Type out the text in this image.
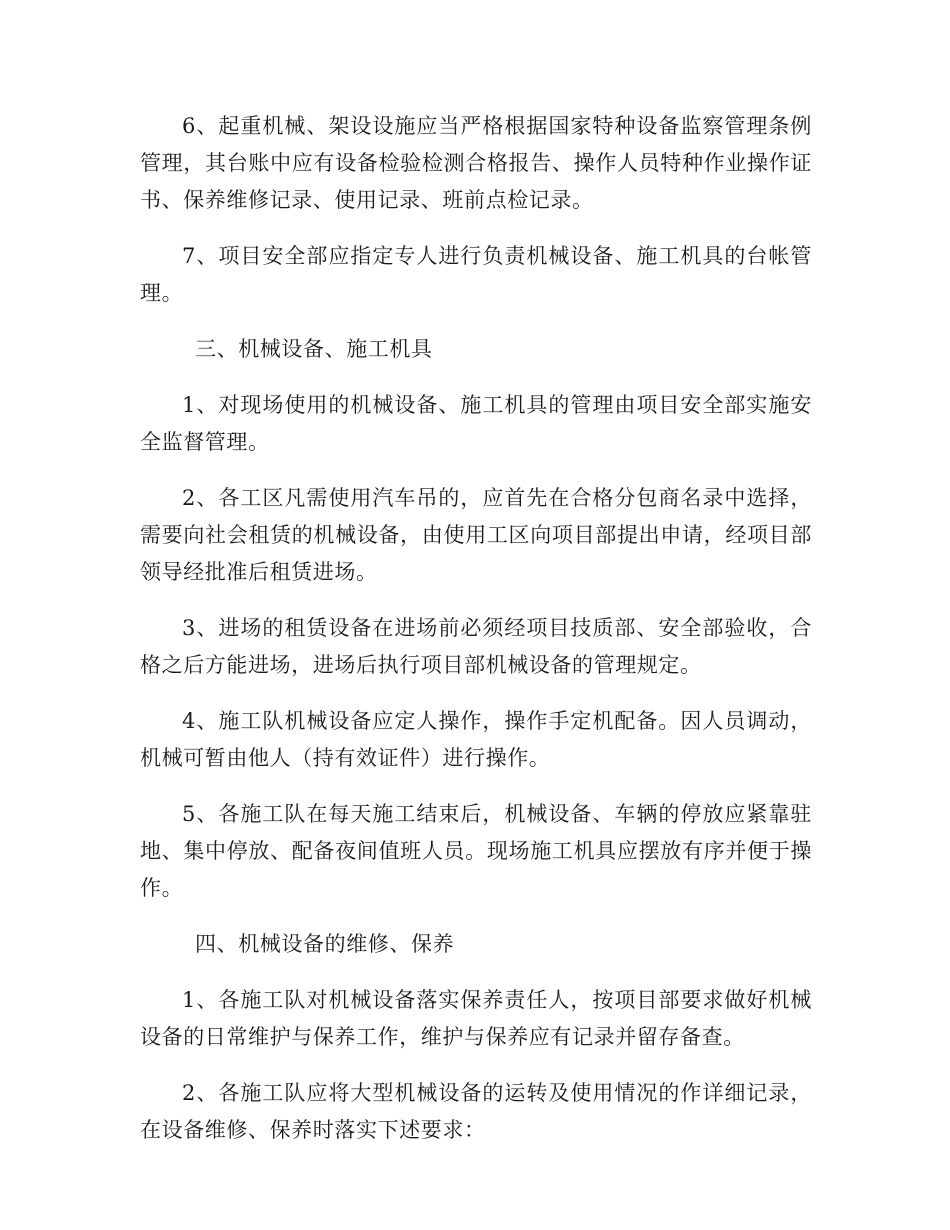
6、起重机械、架设设施应当严格根据国家特种设备监察管理条例管理，其台账中应有设备检验检测合格报告、操作人员特种作业操作证书、保养维修记录、使用记录、班前点检记录。

7、项目安全部应指定专人进行负责机械设备、施工机具的台帐管理。

三、机械设备、施工机具

1、对现场使用的机械设备、施工机具的管理由项目安全部实施安全监督管理。

2、各工区凡需使用汽车吊的，应首先在合格分包商名录中选择，需要向社会租赁的机械设备，由使用工区向项目部提出申请，经项目部领导经批准后租赁进场。

3、进场的租赁设备在进场前必须经项目技质部、安全部验收，合格之后方能进场，进场后执行项目部机械设备的管理规定。

4、施工队机械设备应定人操作，操作手定机配备。因人员调动，机械可暂由他人（持有效证件）进行操作。

5、各施工队在每天施工结束后，机械设备、车辆的停放应紧靠驻地、集中停放、配备夜间值班人员。现场施工机具应摆放有序并便于操作。

四、机械设备的维修、保养

1、各施工队对机械设备落实保养责任人，按项目部要求做好机械设备的日常维护与保养工作，维护与保养应有记录并留存备查。

2、各施工队应将大型机械设备的运转及使用情况的作详细记录，在设备维修、保养时落实下述要求：
